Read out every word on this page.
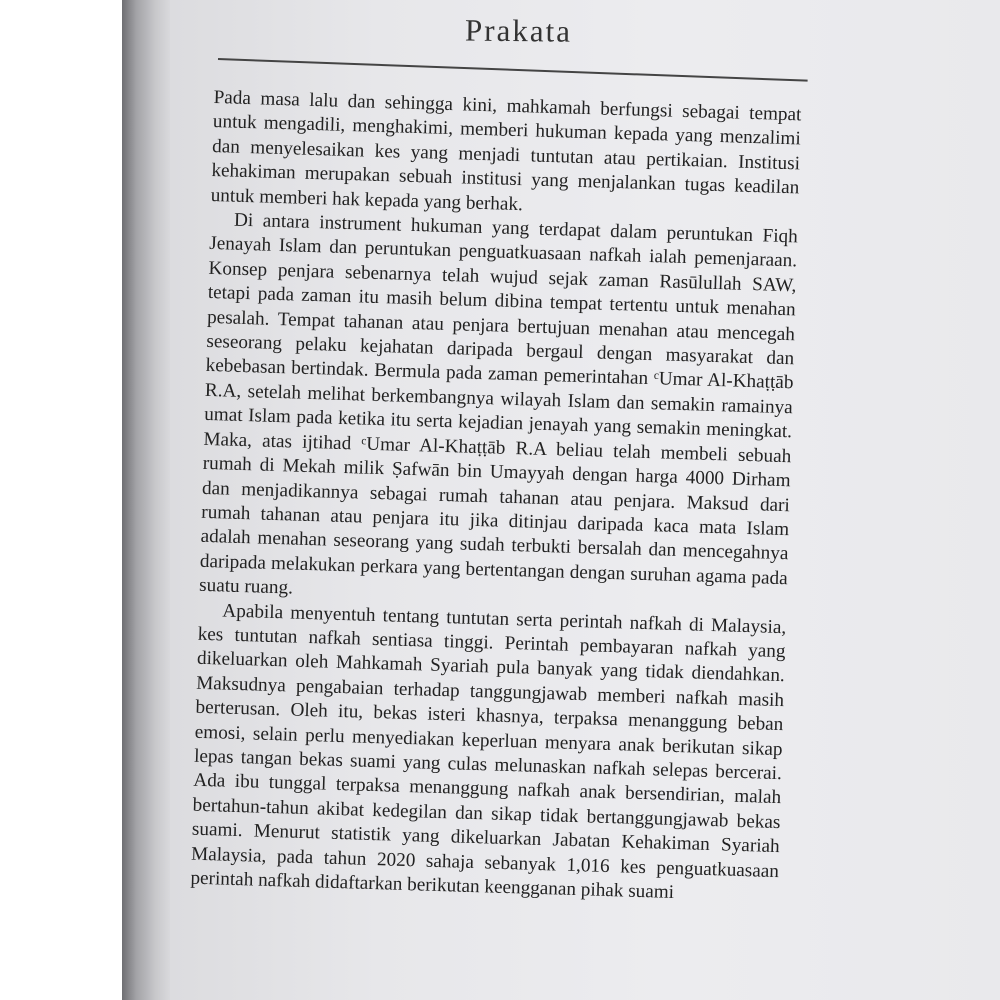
Prakata

Pada masa lalu dan sehingga kini, mahkamah berfungsi sebagai tempat untuk mengadili, menghakimi, memberi hukuman kepada yang menzalimi dan menyelesaikan kes yang menjadi tuntutan atau pertikaian. Institusi kehakiman merupakan sebuah institusi yang menjalankan tugas keadilan untuk memberi hak kepada yang berhak.

Di antara instrument hukuman yang terdapat dalam peruntukan Fiqh Jenayah Islam dan peruntukan penguatkuasaan nafkah ialah pemenjaraan. Konsep penjara sebenarnya telah wujud sejak zaman Rasūlullah SAW, tetapi pada zaman itu masih belum dibina tempat tertentu untuk menahan pesalah. Tempat tahanan atau penjara bertujuan menahan atau mencegah seseorang pelaku kejahatan daripada bergaul dengan masyarakat dan kebebasan bertindak. Bermula pada zaman pemerintahan ᶜUmar Al-Khaṭṭāb R.A, setelah melihat berkembangnya wilayah Islam dan semakin ramainya umat Islam pada ketika itu serta kejadian jenayah yang semakin meningkat. Maka, atas ijtihad ᶜUmar Al-Khaṭṭāb R.A beliau telah membeli sebuah rumah di Mekah milik Ṣafwān bin Umayyah dengan harga 4000 Dirham dan menjadikannya sebagai rumah tahanan atau penjara. Maksud dari rumah tahanan atau penjara itu jika ditinjau daripada kaca mata Islam adalah menahan seseorang yang sudah terbukti bersalah dan mencegahnya daripada melakukan perkara yang bertentangan dengan suruhan agama pada suatu ruang.

Apabila menyentuh tentang tuntutan serta perintah nafkah di Malaysia, kes tuntutan nafkah sentiasa tinggi. Perintah pembayaran nafkah yang dikeluarkan oleh Mahkamah Syariah pula banyak yang tidak diendahkan. Maksudnya pengabaian terhadap tanggungjawab memberi nafkah masih berterusan. Oleh itu, bekas isteri khasnya, terpaksa menanggung beban emosi, selain perlu menyediakan keperluan menyara anak berikutan sikap lepas tangan bekas suami yang culas melunaskan nafkah selepas bercerai. Ada ibu tunggal terpaksa menanggung nafkah anak bersendirian, malah bertahun-tahun akibat kedegilan dan sikap tidak bertanggungjawab bekas suami. Menurut statistik yang dikeluarkan Jabatan Kehakiman Syariah Malaysia, pada tahun 2020 sahaja sebanyak 1,016 kes penguatkuasaan perintah nafkah didaftarkan berikutan keengganan pihak suami
